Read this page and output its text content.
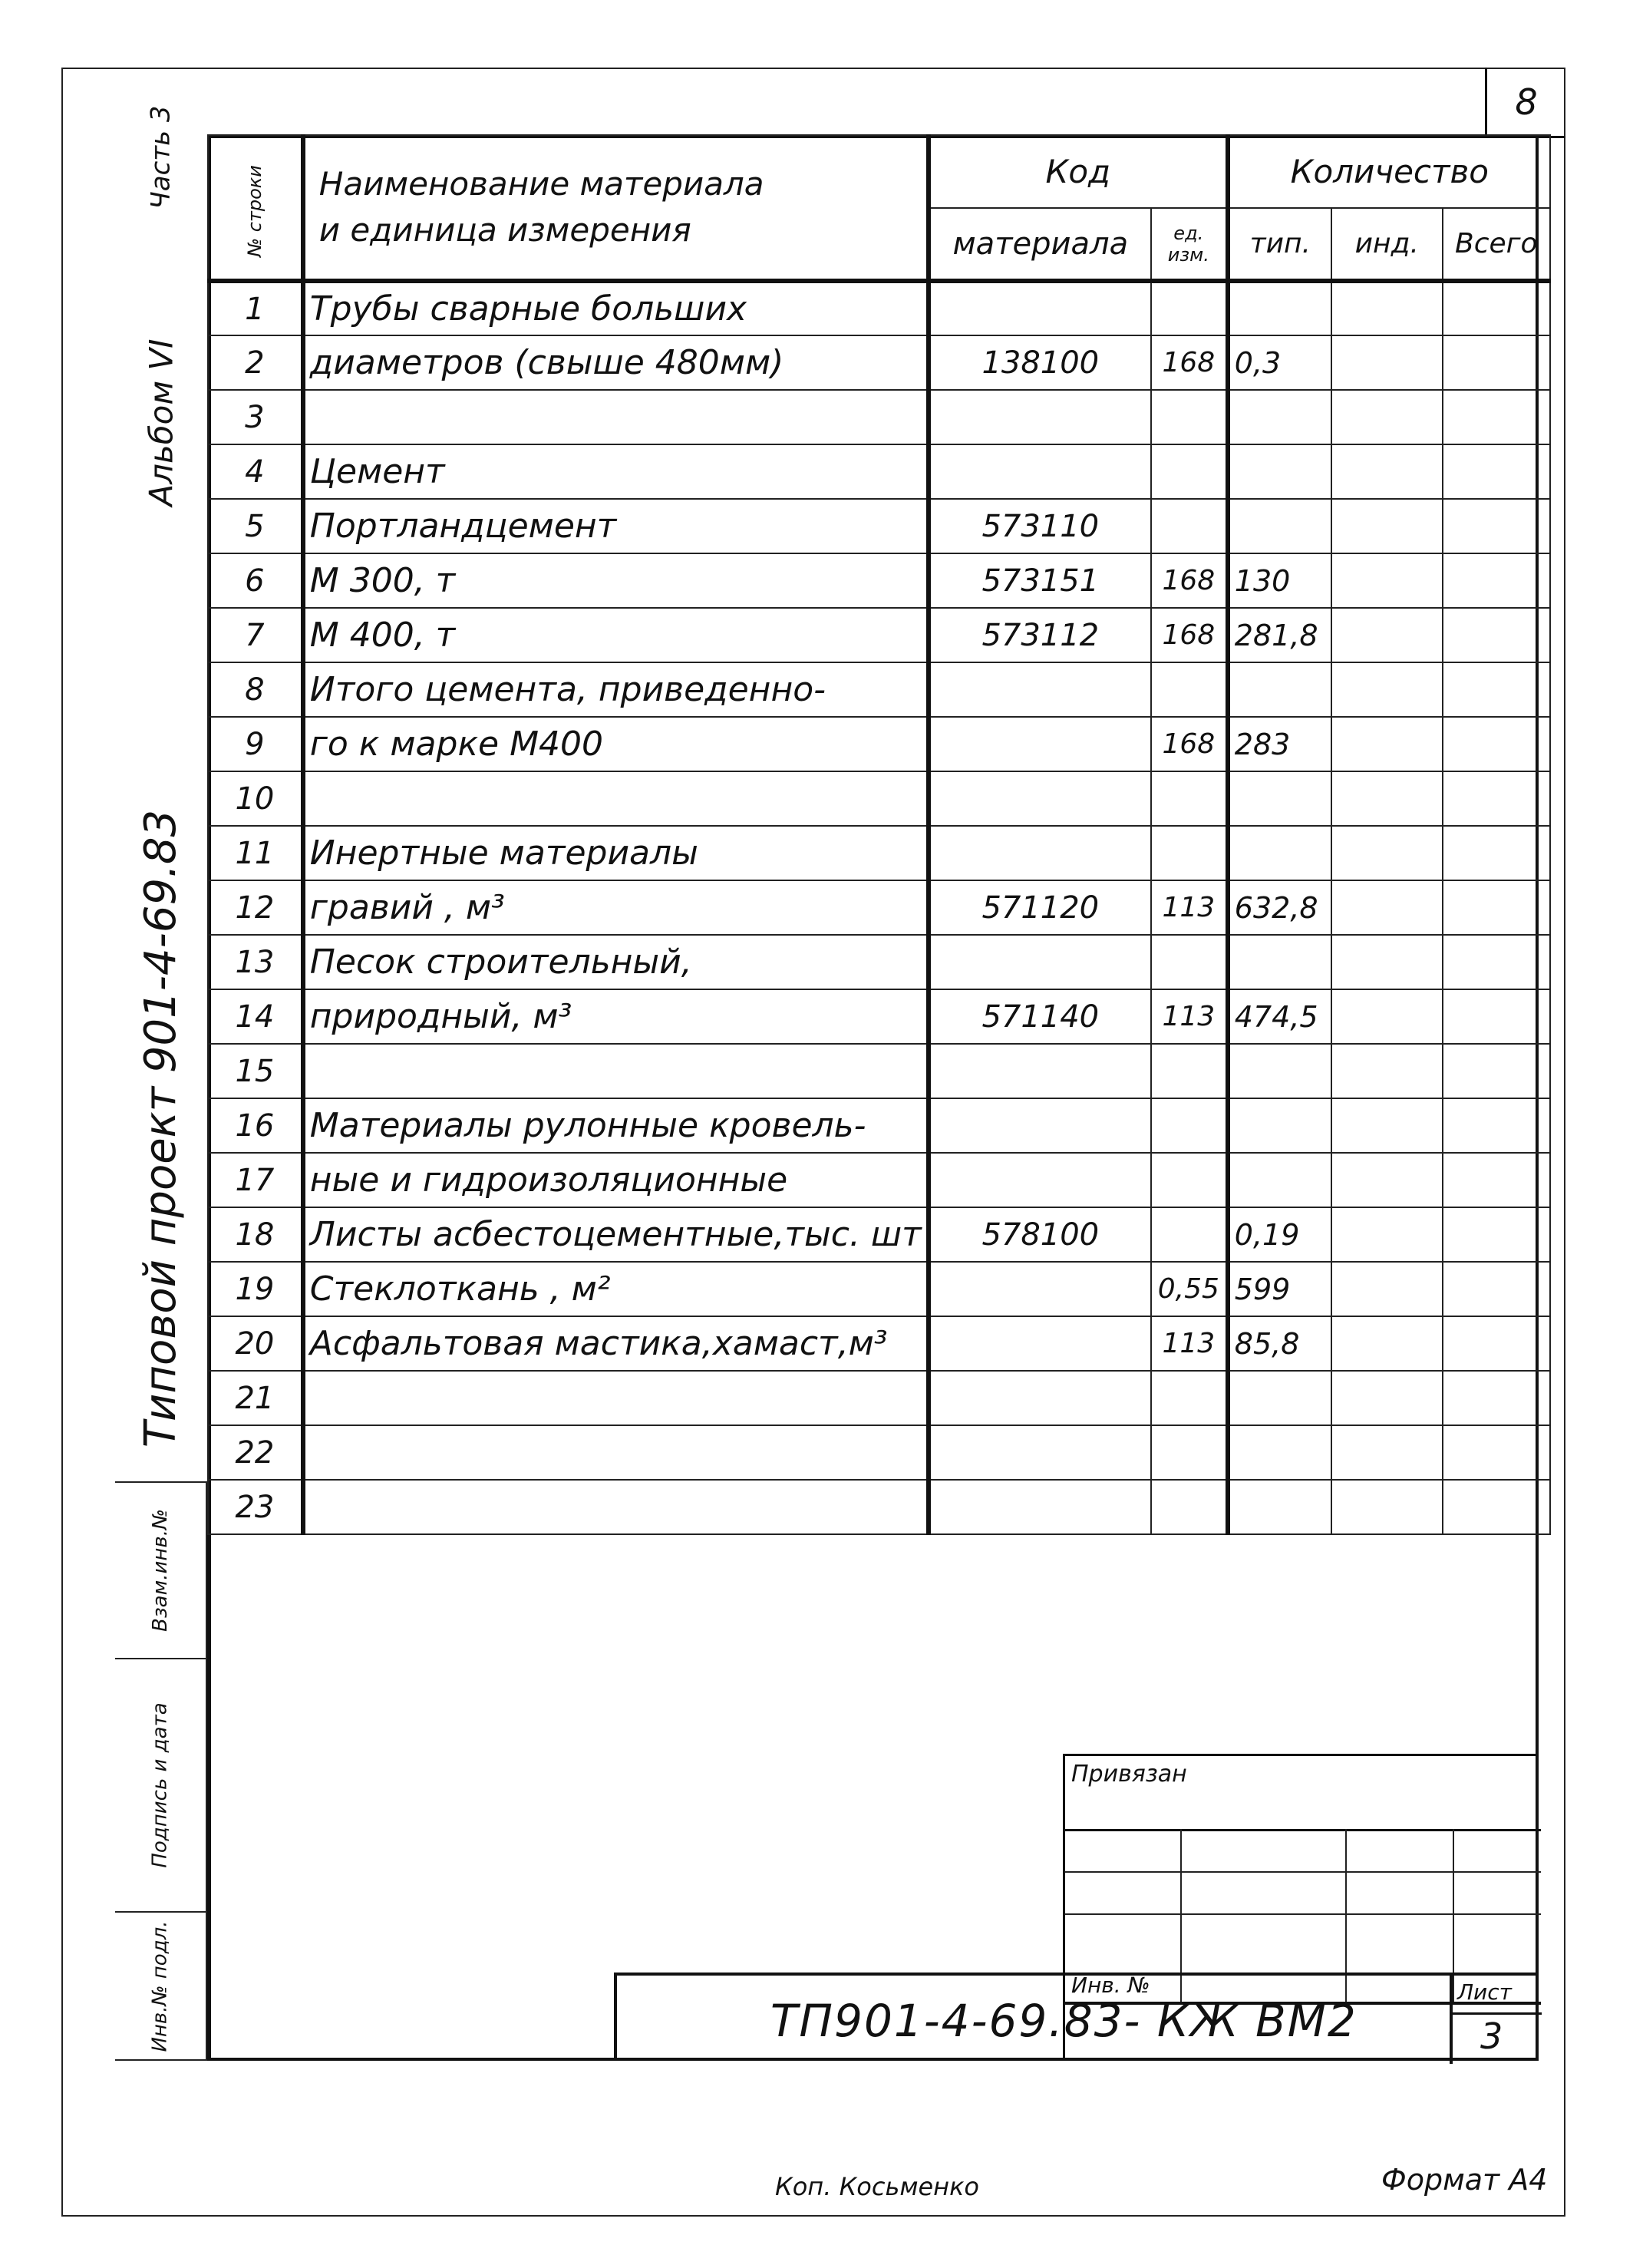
8
Часть 3
Альбом VI
Типовой проект 901-4-69.83
Взам.инв.№
Подпись и дата
Инв.№ подл.
№ строки	Наименование материала
и единица измерения	Код		Количество		
		материала	ед. изм.	тип.	инд.	Всего
1	Трубы сварные больших					
2	диаметров (свыше 480мм)	138100	168	0,3		
3						
4	Цемент					
5	Портландцемент	573110				
6	М 300, т	573151	168	130		
7	М 400, т	573112	168	281,8		
8	Итого цемента, приведенно-					
9	го к марке М400		168	283		
10						
11	Инертные материалы					
12	гравий , м³	571120	113	632,8		
13	Песок строительный,					
14	природный, м³	571140	113	474,5		
15						
16	Материалы рулонные кровель-					
17	ные и гидроизоляционные					
18	Листы асбестоцементные,тыс. шт	578100		0,19		
19	Стеклоткань , м²		0,55	599		
20	Асфальтовая мастика,хамаст,м³		113	85,8		
21						
22						
23						
Привязан
Инв. №
ТП901-4-69.83- КЖ ВМ2
Лист
3
Коп. Косьменко	Формат А4
